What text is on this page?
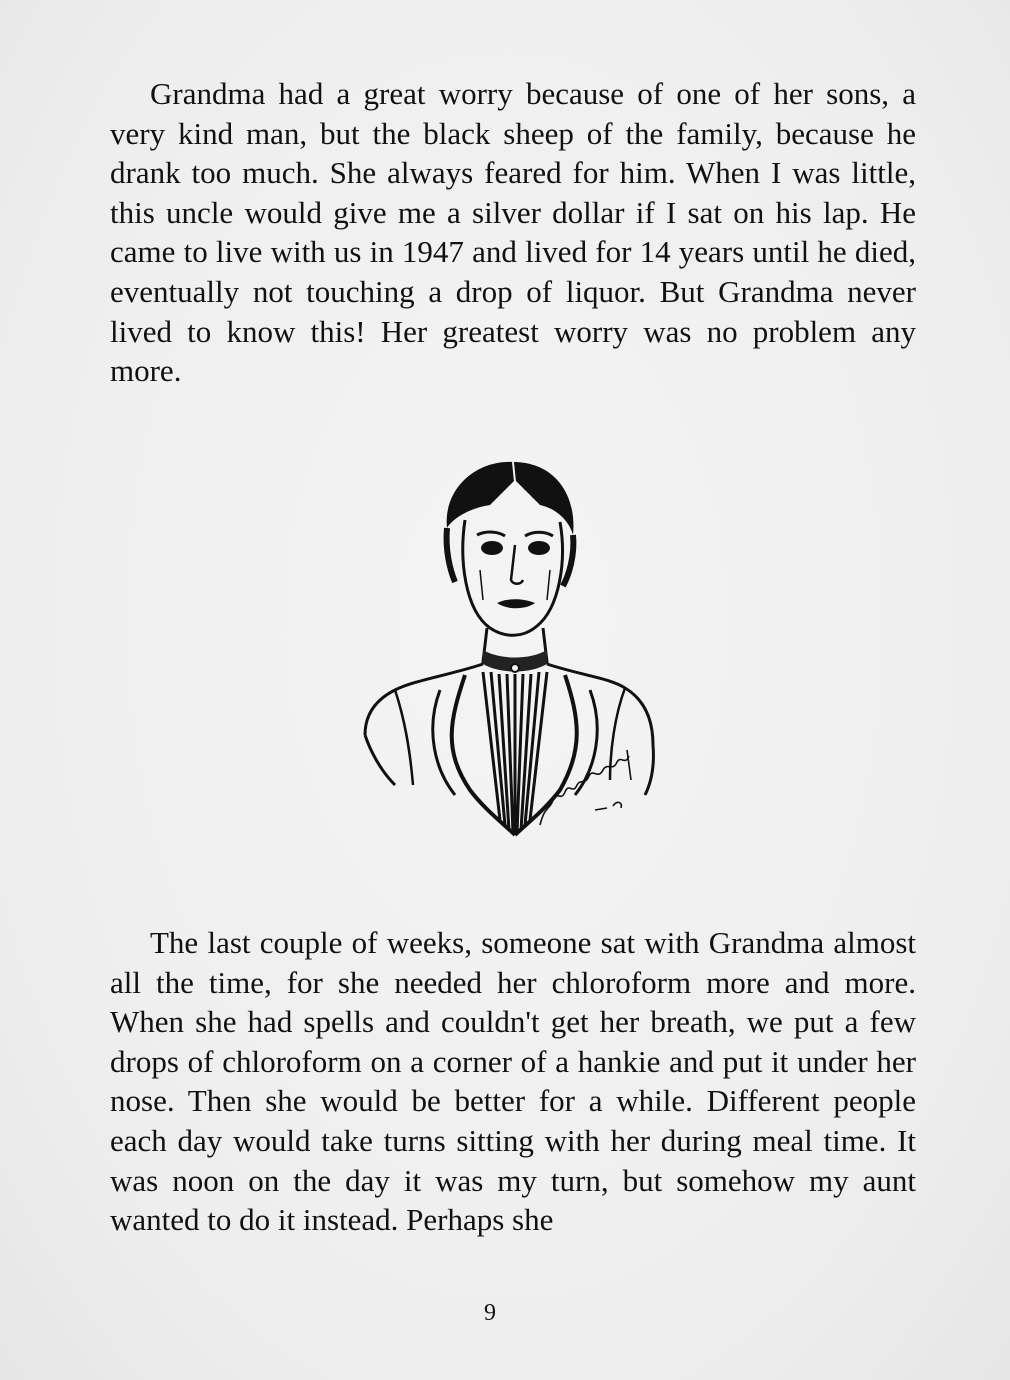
Grandma had a great worry because of one of her sons, a very kind man, but the black sheep of the family, because he drank too much. She always feared for him. When I was little, this uncle would give me a silver dollar if I sat on his lap. He came to live with us in 1947 and lived for 14 years until he died, eventually not touching a drop of liquor. But Grandma never lived to know this! Her greatest worry was no problem any more.

The last couple of weeks, someone sat with Grandma almost all the time, for she needed her chloroform more and more. When she had spells and couldn't get her breath, we put a few drops of chloroform on a corner of a hankie and put it under her nose. Then she would be better for a while. Different people each day would take turns sitting with her during meal time. It was noon on the day it was my turn, but somehow my aunt wanted to do it instead. Perhaps she

9
